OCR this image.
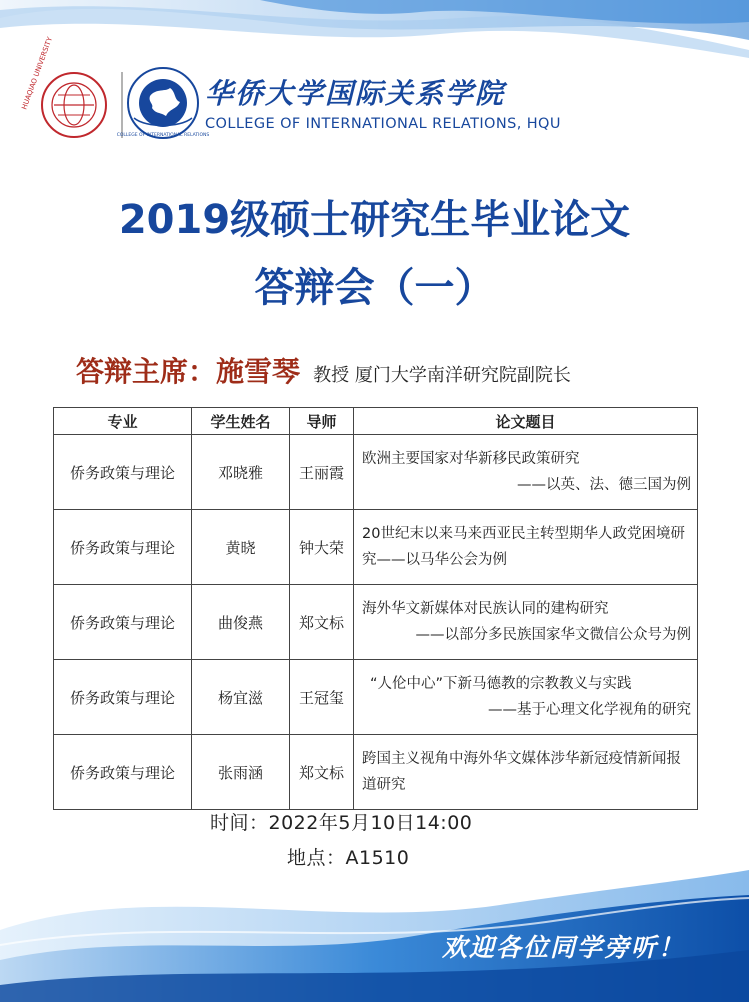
HUAQIAO UNIVERSITY
COLLEGE OF INTERNATIONAL RELATIONS
华侨大学国际关系学院
COLLEGE OF INTERNATIONAL RELATIONS, HQU
2019级硕士研究生毕业论文
答辩会（一）
答辩主席：施雪琴 教授 厦门大学南洋研究院副院长
专业	学生姓名	导师	论文题目
侨务政策与理论	邓晓雅	王丽霞	欧洲主要国家对华新移民政策研究
——以英、法、德三国为例

侨务政策与理论	黄晓	钟大荣	20世纪末以来马来西亚民主转型期华人政党困境研究——以马华公会为例
侨务政策与理论	曲俊燕	郑文标	海外华文新媒体对民族认同的建构研究
——以部分多民族国家华文微信公众号为例

侨务政策与理论	杨宜滋	王冠玺	“人伦中心”下新马德教的宗教教义与实践
——基于心理文化学视角的研究

侨务政策与理论	张雨涵	郑文标	跨国主义视角中海外华文媒体涉华新冠疫情新闻报道研究
时间：2022年5月10日14:00
地点：A1510
欢迎各位同学旁听！
